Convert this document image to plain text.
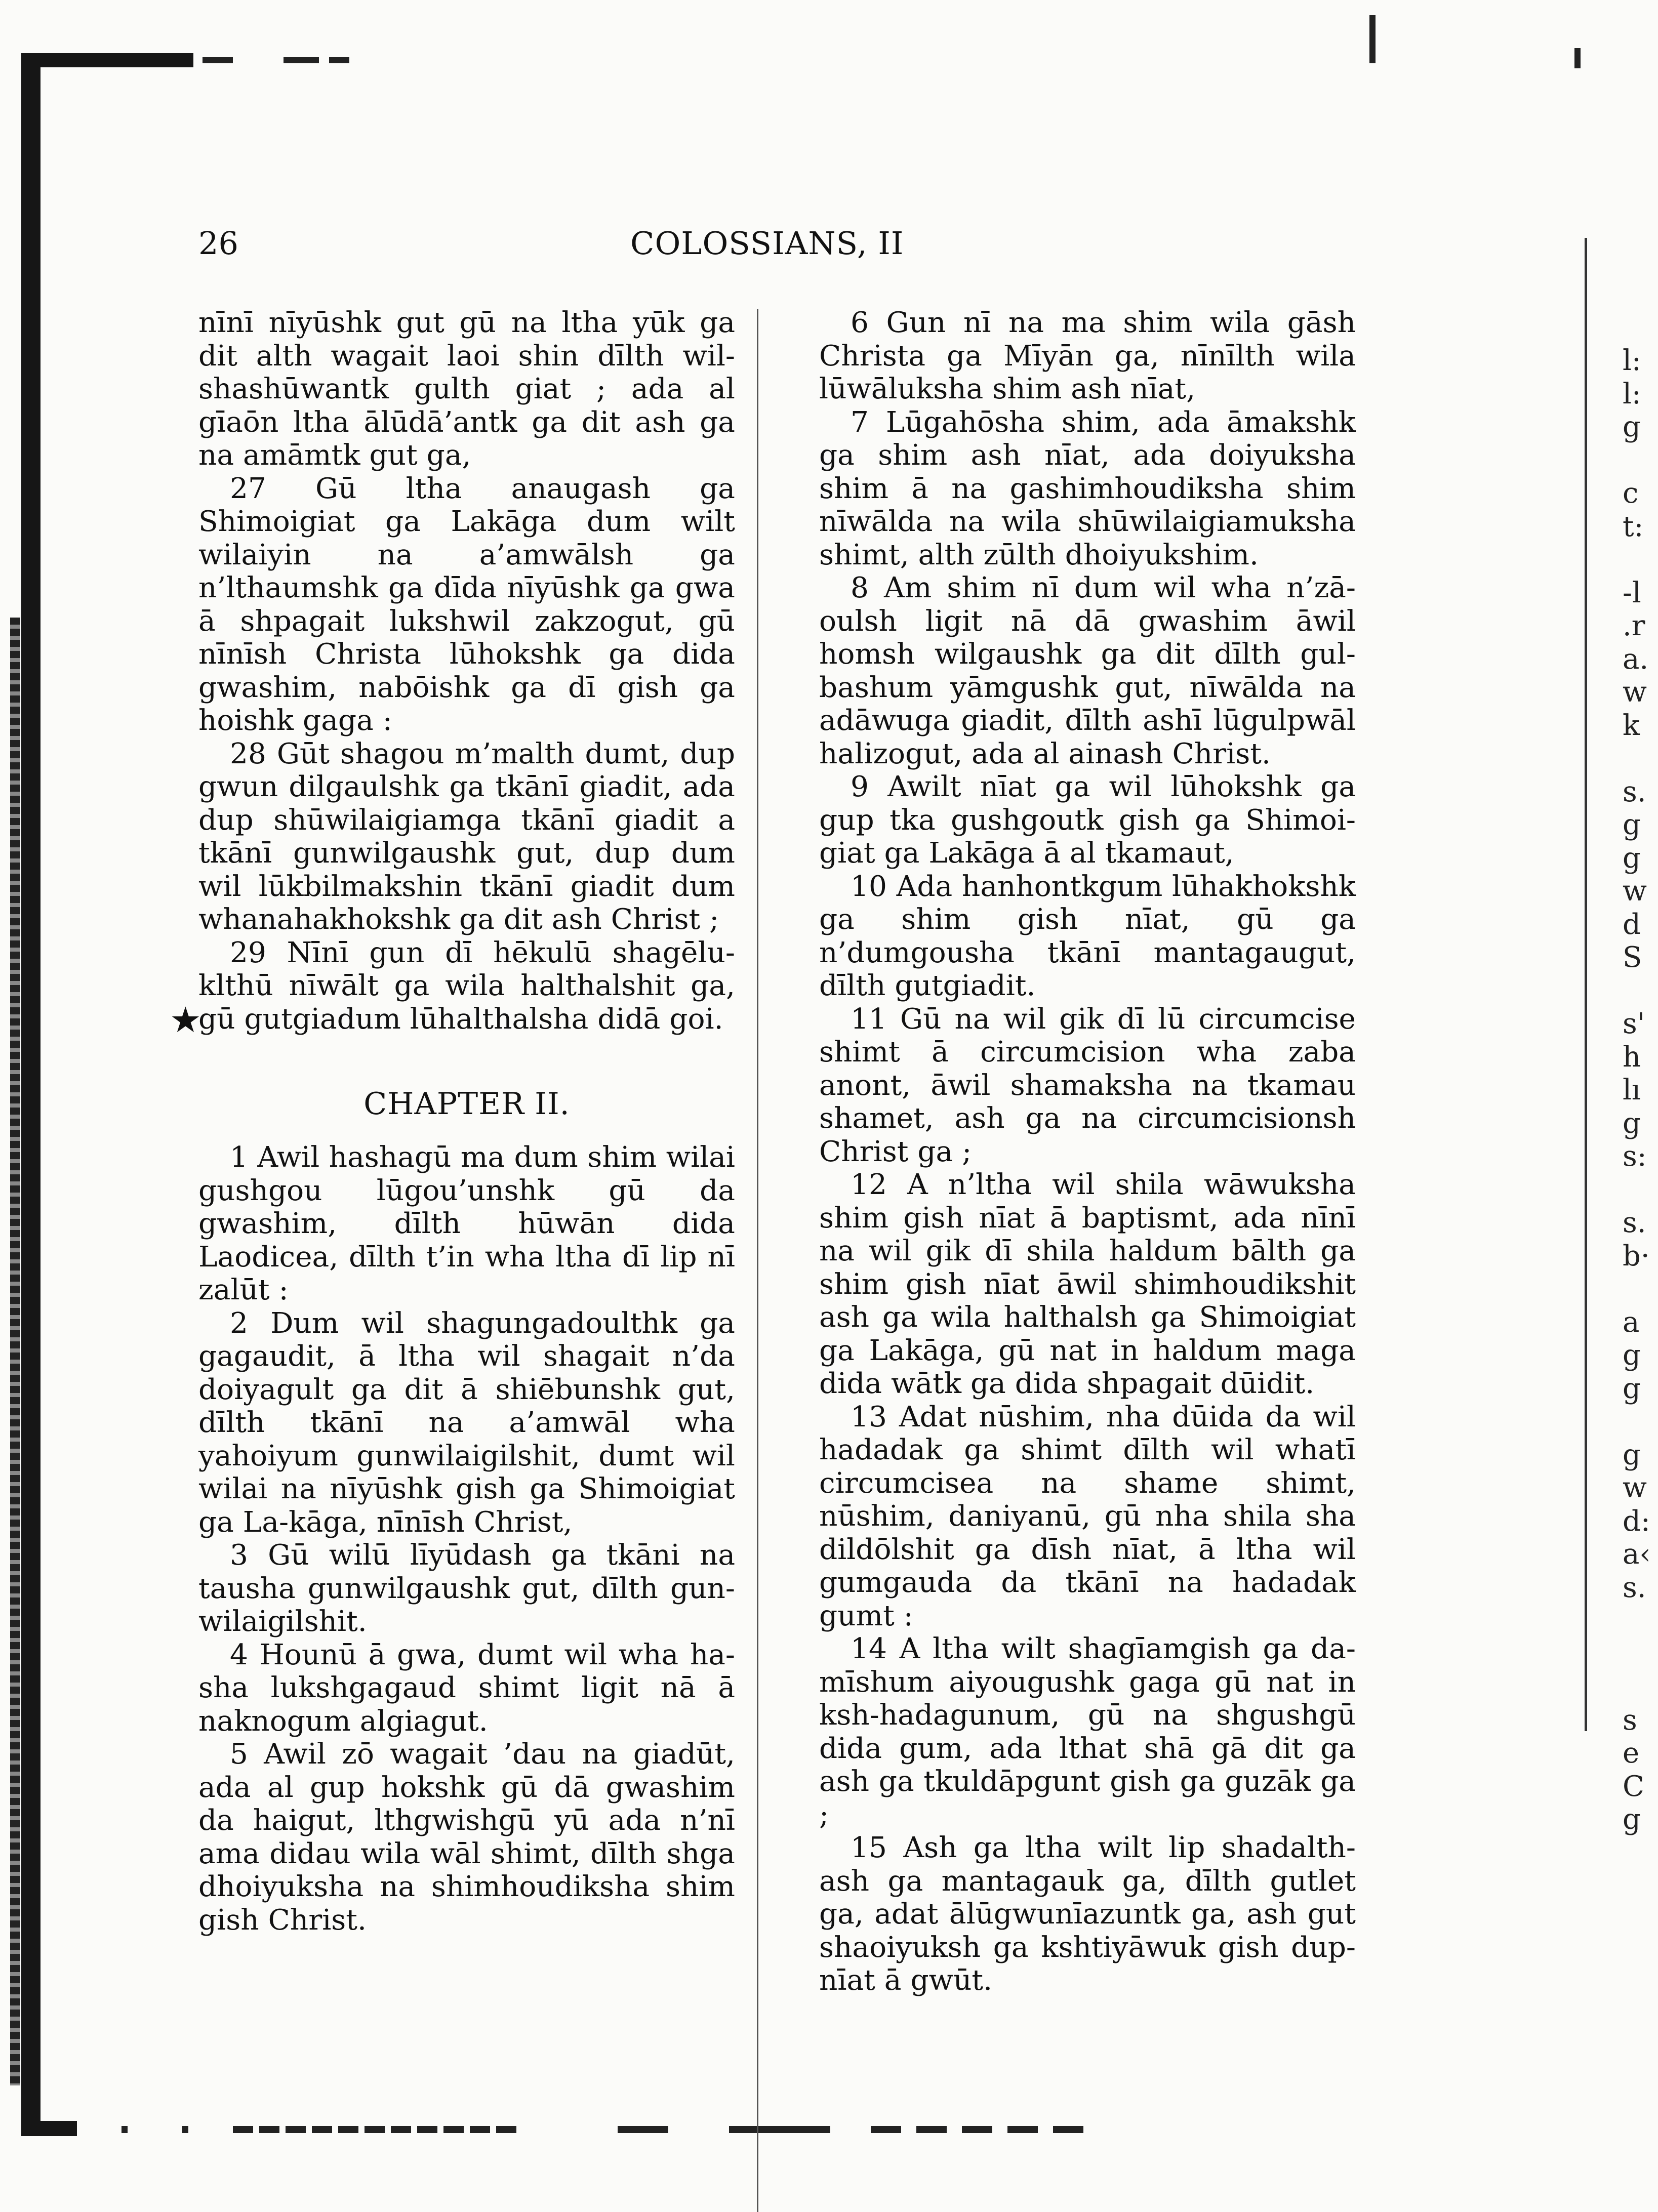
26	COLOSSIANS, II

nīnī nīyūshk gut gū na ltha yūk ga dit alth wagait laoi shin dīlth wil-shashūwantk gulth giat ; ada al gīaōn ltha ālūdā’antk ga dit ash ga na amāmtk gut ga,

27 Gū ltha anaugash ga Shimoigiat ga Lakāga dum wilt wilaiyin na a’amwālsh ga n’lthaumshk ga dīda nīyūshk ga gwa ā shpagait lukshwil zakzogut, gū nīnīsh Christa lūhokshk ga dida gwashim, nabōishk ga dī gish ga hoishk gaga :

28 Gūt shagou m’malth dumt, dup gwun dilgaulshk ga tkānī giadit, ada dup shūwilaigiamga tkānī giadit a tkānī gunwilgaushk gut, dup dum wil lūkbilmakshin tkānī giadit dum whanahakhokshk ga dit ash Christ ;

29 Nīnī gun dī hēkulū shagēlu-klthū nīwālt ga wila halthalshit ga, gū gutgiadum lūhalthalsha didā goi.

CHAPTER II.

1 Awil hashagū ma dum shim wilai gushgou lūgou’unshk gū da gwashim, dīlth hūwān dida Laodicea, dīlth t’in wha ltha dī lip nī zalūt :

2 Dum wil shagungadoulthk ga gagaudit, ā ltha wil shagait n’da doiyagult ga dit ā shiēbunshk gut, dīlth tkānī na a’amwāl wha yahoiyum gunwilaigilshit, dumt wil wilai na nīyūshk gish ga Shimoigiat ga La-kāga, nīnīsh Christ,

3 Gū wilū līyūdash ga tkāni na tausha gunwilgaushk gut, dīlth gun-wilaigilshit.

4 Hounū ā gwa, dumt wil wha ha-sha lukshgagaud shimt ligit nā ā naknogum algiagut.

5 Awil zō wagait ’dau na giadūt, ada al gup hokshk gū dā gwashim da haigut, lthgwishgū yū ada n’nī ama didau wila wāl shimt, dīlth shga dhoiyuksha na shimhoudiksha shim gish Christ.

★

6 Gun nī na ma shim wila gāsh Christa ga Mīyān ga, nīnīlth wila lūwāluksha shim ash nīat,

7 Lūgahōsha shim, ada āmakshk ga shim ash nīat, ada doiyuksha shim ā na gashimhoudiksha shim nīwālda na wila shūwilaigiamuksha shimt, alth zūlth dhoiyukshim.

8 Am shim nī dum wil wha n’zā-oulsh ligit nā dā gwashim āwil homsh wilgaushk ga dit dīlth gul-bashum yāmgushk gut, nīwālda na adāwuga giadit, dīlth ashī lūgulpwāl halizogut, ada al ainash Christ.

9 Awilt nīat ga wil lūhokshk ga gup tka gushgoutk gish ga Shimoi-giat ga Lakāga ā al tkamaut,

10 Ada hanhontkgum lūhakhokshk ga shim gish nīat, gū ga n’dumgousha tkānī mantagaugut, dīlth gutgiadit.

11 Gū na wil gik dī lū circumcise shimt ā circumcision wha zaba anont, āwil shamaksha na tkamau shamet, ash ga na circumcisionsh Christ ga ;

12 A n’ltha wil shila wāwuksha shim gish nīat ā baptismt, ada nīnī na wil gik dī shila haldum bālth ga shim gish nīat āwil shimhoudikshit ash ga wila halthalsh ga Shimoigiat ga Lakāga, gū nat in haldum maga dida wātk ga dida shpagait dūidit.

13 Adat nūshim, nha dūida da wil hadadak ga shimt dīlth wil whatī circumcisea na shame shimt, nūshim, daniyanū, gū nha shila sha dildōlshit ga dīsh nīat, ā ltha wil gumgauda da tkānī na hadadak gumt :

14 A ltha wilt shagīamgish ga da-mīshum aiyougushk gaga gū nat in ksh-hadagunum, gū na shgushgū dida gum, ada lthat shā gā dit ga ash ga tkuldāpgunt gish ga guzāk ga ;

15 Ash ga ltha wilt lip shadalth-ash ga mantagauk ga, dīlth gutlet ga, adat ālūgwunīazuntk ga, ash gut shaoiyuksh ga kshtiyāwuk gish dup-nīat ā gwūt.

l:
l:
g
c
t:
-l
.r
a.
w
k
s.
g
g
w
d
S
s'
h
lı
g
s:
s.
b·
a
g
g
g
w
d:
a‹
s.
s
e
C
g
